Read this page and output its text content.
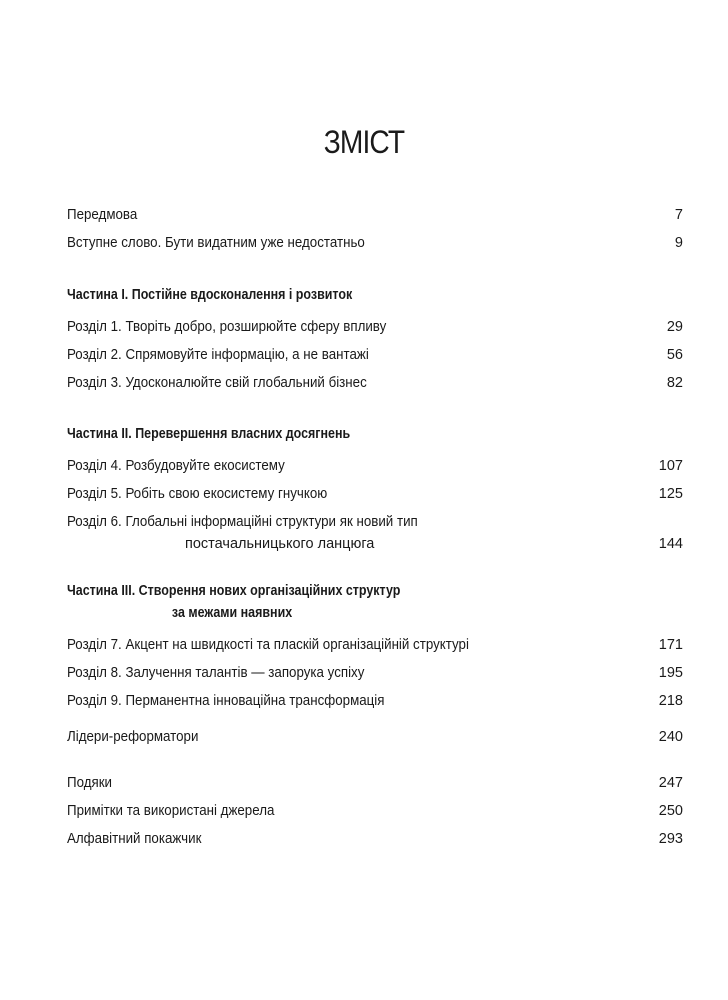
ЗМІСТ
Передмова	7
Вступне слово. Бути видатним уже недостатньо	9
Частина I. Постійне вдосконалення і розвиток
Розділ 1. Творіть добро, розширюйте сферу впливу	29
Розділ 2. Спрямовуйте інформацію, а не вантажі	56
Розділ 3. Удосконалюйте свій глобальний бізнес	82
Частина II. Перевершення власних досягнень
Розділ 4. Розбудовуйте екосистему	107
Розділ 5. Робіть свою екосистему гнучкою	125
Розділ 6. Глобальні інформаційні структури як новий тип
постачальницького ланцюга	144
Частина III. Створення нових організаційних структур
за межами наявних
Розділ 7. Акцент на швидкості та пласкій організаційній структурі	171
Розділ 8. Залучення талантів — запорука успіху	195
Розділ 9. Перманентна інноваційна трансформація	218
Лідери-реформатори	240
Подяки	247
Примітки та використані джерела	250
Алфавітний покажчик	293
